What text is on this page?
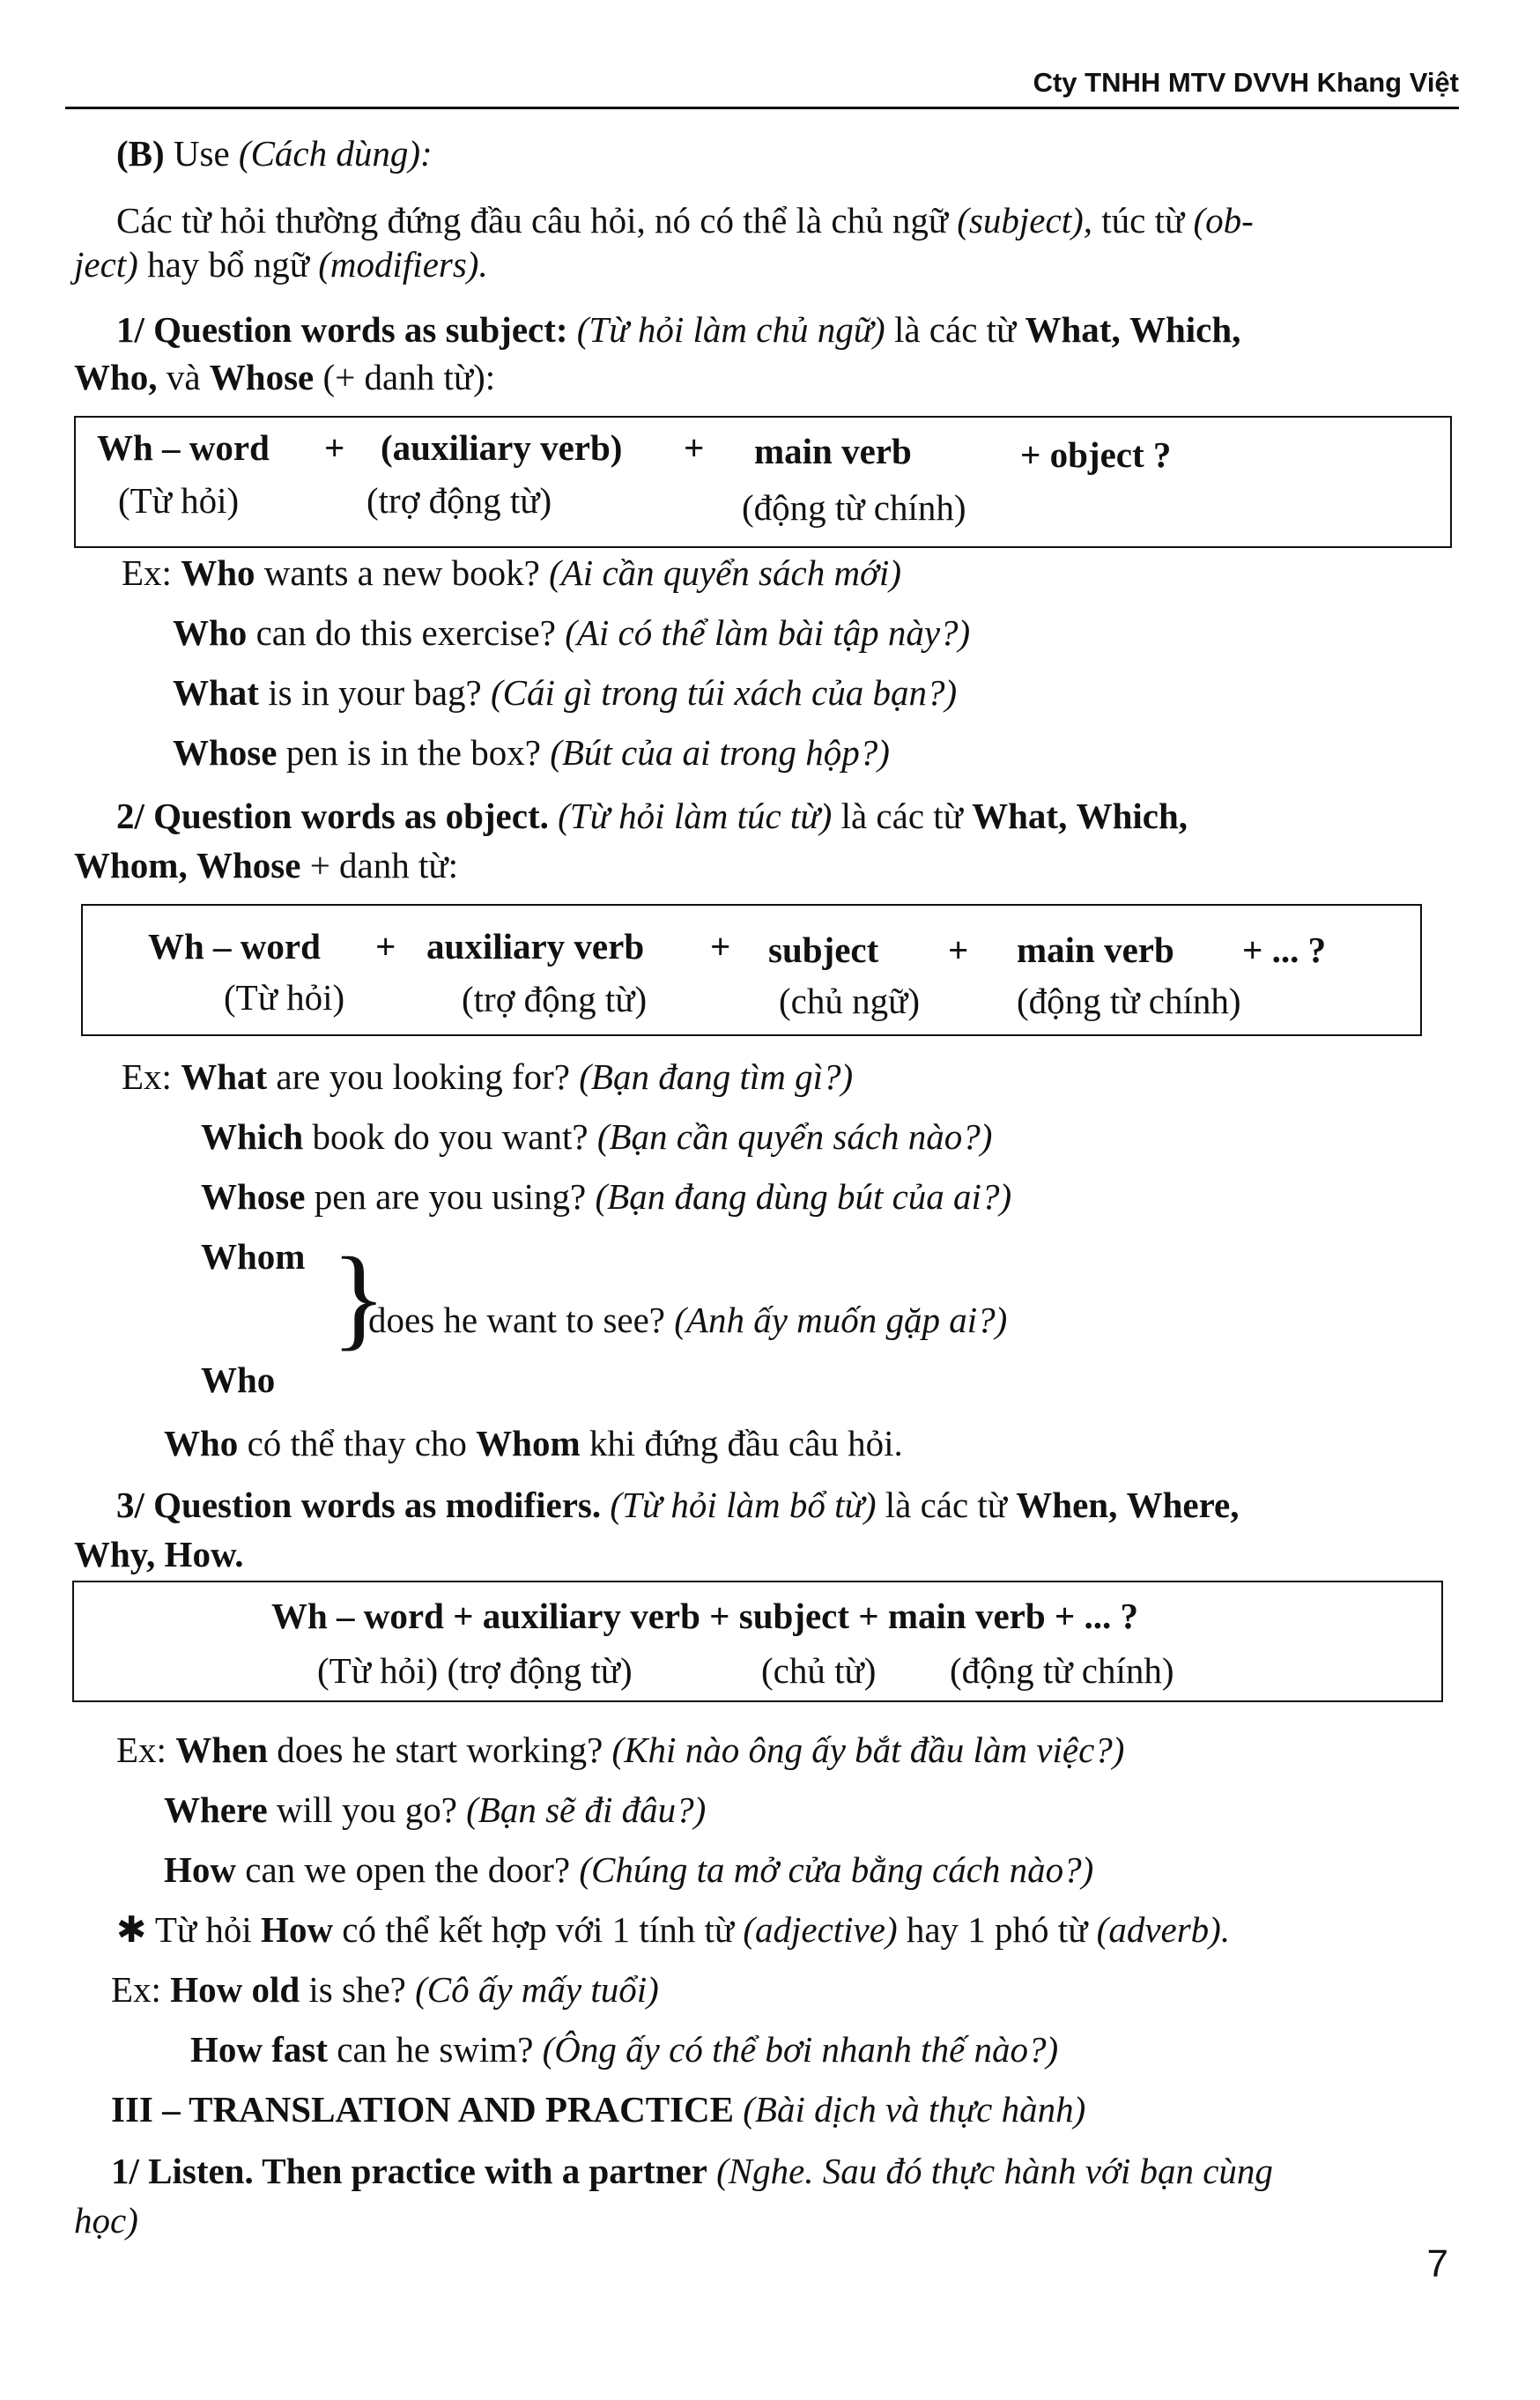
Cty TNHH MTV DVVH Khang Việt
(B) Use (Cách dùng):
Các từ hỏi thường đứng đầu câu hỏi, nó có thể là chủ ngữ (subject), túc từ (ob-
ject) hay bổ ngữ (modifiers).
1/ Question words as subject: (Từ hỏi làm chủ ngữ) là các từ What, Which,
Who, và Whose (+ danh từ):
Wh – word + (auxiliary verb) + main verb	+ object ?
(Từ hỏi)	(trợ động từ)	(động từ chính)
Ex: Who wants a new book? (Ai cần quyển sách mới)
Who can do this exercise? (Ai có thể làm bài tập này?)
What is in your bag? (Cái gì trong túi xách của bạn?)
Whose pen is in the box? (Bút của ai trong hộp?)
2/ Question words as object. (Từ hỏi làm túc từ) là các từ What, Which,
Whom, Whose + danh từ:
Wh – word + auxiliary verb + subject + main verb + ... ?
(Từ hỏi)	(trợ động từ)	(chủ ngữ)	(động từ chính)
Ex: What are you looking for? (Bạn đang tìm gì?)
Which book do you want? (Bạn cần quyển sách nào?)
Whose pen are you using? (Bạn đang dùng bút của ai?)
Whom }
does he want to see? (Anh ấy muốn gặp ai?)
Who
Who có thể thay cho Whom khi đứng đầu câu hỏi.
3/ Question words as modifiers. (Từ hỏi làm bổ từ) là các từ When, Where,
Why, How.
Wh – word + auxiliary verb + subject + main verb + ... ?
(Từ hỏi) (trợ động từ)	(chủ từ) (động từ chính)
Ex: When does he start working? (Khi nào ông ấy bắt đầu làm việc?)
Where will you go? (Bạn sẽ đi đâu?)
How can we open the door? (Chúng ta mở cửa bằng cách nào?)
✱ Từ hỏi How có thể kết hợp với 1 tính từ (adjective) hay 1 phó từ (adverb).
Ex: How old is she? (Cô ấy mấy tuổi)
How fast can he swim? (Ông ấy có thể bơi nhanh thế nào?)
III – TRANSLATION AND PRACTICE (Bài dịch và thực hành)
1/ Listen. Then practice with a partner (Nghe. Sau đó thực hành với bạn cùng
học)
7
